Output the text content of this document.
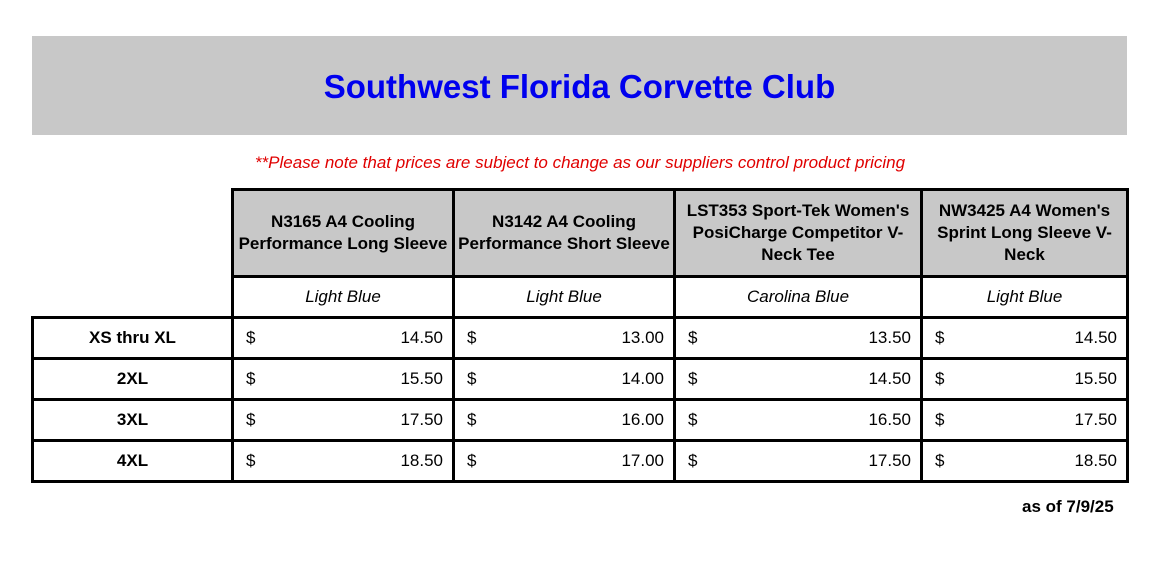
Southwest Florida Corvette Club
**Please note that prices are subject to change as our suppliers control product pricing
	N3165 A4 Cooling Performance Long Sleeve	N3142 A4 Cooling Performance Short Sleeve	LST353 Sport-Tek Women's PosiCharge Competitor V-Neck Tee	NW3425 A4 Women's Sprint Long Sleeve V-Neck
	Light Blue	Light Blue	Carolina Blue	Light Blue
XS thru XL	$ 14.50	$ 13.00	$ 13.50	$ 14.50

2XL	$ 15.50	$ 14.00	$ 14.50	$ 15.50

3XL	$ 17.50	$ 16.00	$ 16.50	$ 17.50

4XL	$ 18.50	$ 17.00	$ 17.50	$ 18.50
as of 7/9/25
